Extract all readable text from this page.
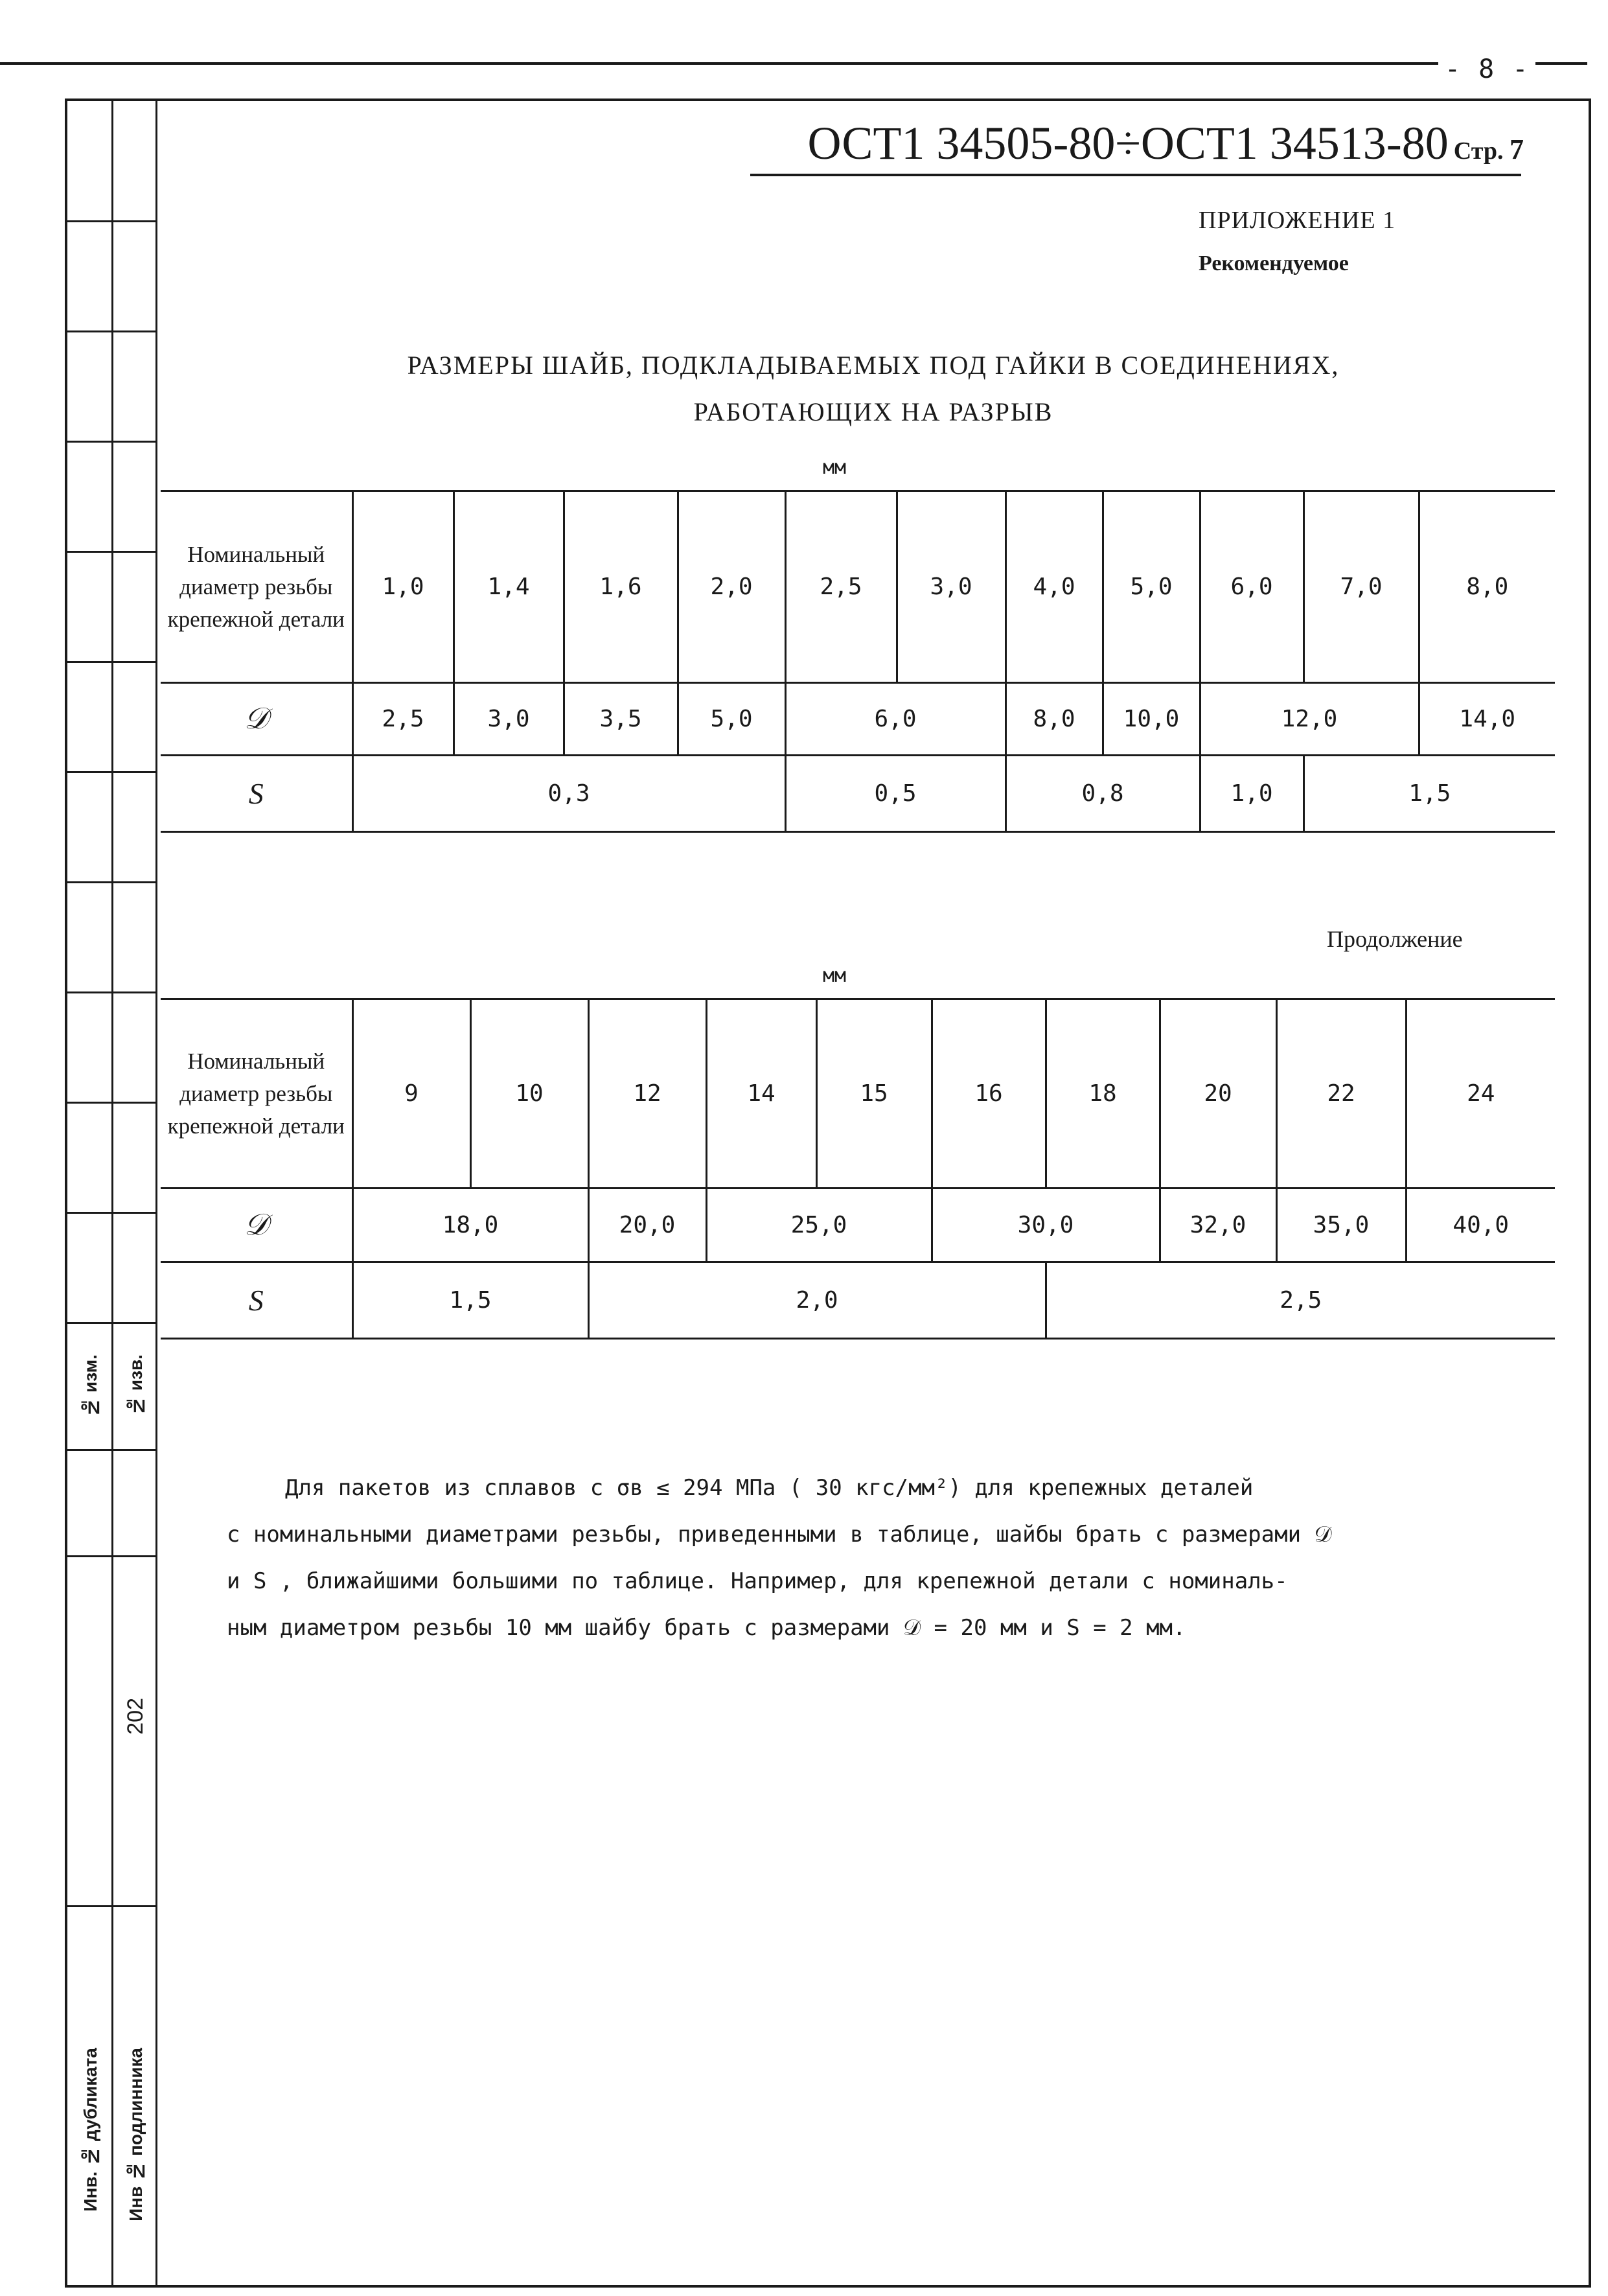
- 8 -
№ изм. № изв.
202
Инв. № дубликата Инв № подлинника
ОСТ1 34505-80÷ОСТ1 34513-80 Стр. 7
ПРИЛОЖЕНИЕ 1
Рекомендуемое
РАЗМЕРЫ ШАЙБ, ПОДКЛАДЫВАЕМЫХ ПОД ГАЙКИ В СОЕДИНЕНИЯХ,
РАБОТАЮЩИХ НА РАЗРЫВ
мм
Номинальный диаметр резьбы крепежной детали	1,0	1,4	1,6	2,0	2,5	3,0	4,0	5,0	6,0	7,0	8,0
𝒟	2,5	3,0	3,5	5,0	6,0		8,0	10,0	12,0		14,0
S	0,3				0,5		0,8		1,0	1,5	
Продолжение
мм
Номинальный диаметр резьбы крепежной детали	9	10	12	14	15	16	18	20	22	24
𝒟	18,0		20,0	25,0		30,0		32,0	35,0	40,0
S	1,5		2,0				2,5			

Для пакетов из сплавов с σв ≤ 294 МПа ( 30 кгс/мм²) для крепежных деталей

с номинальными диаметрами резьбы, приведенными в таблице, шайбы брать с размерами 𝒟

и S , ближайшими большими по таблице. Например, для крепежной детали с номиналь-

ным диаметром резьбы 10 мм шайбу брать с размерами 𝒟 = 20 мм и S = 2 мм.
